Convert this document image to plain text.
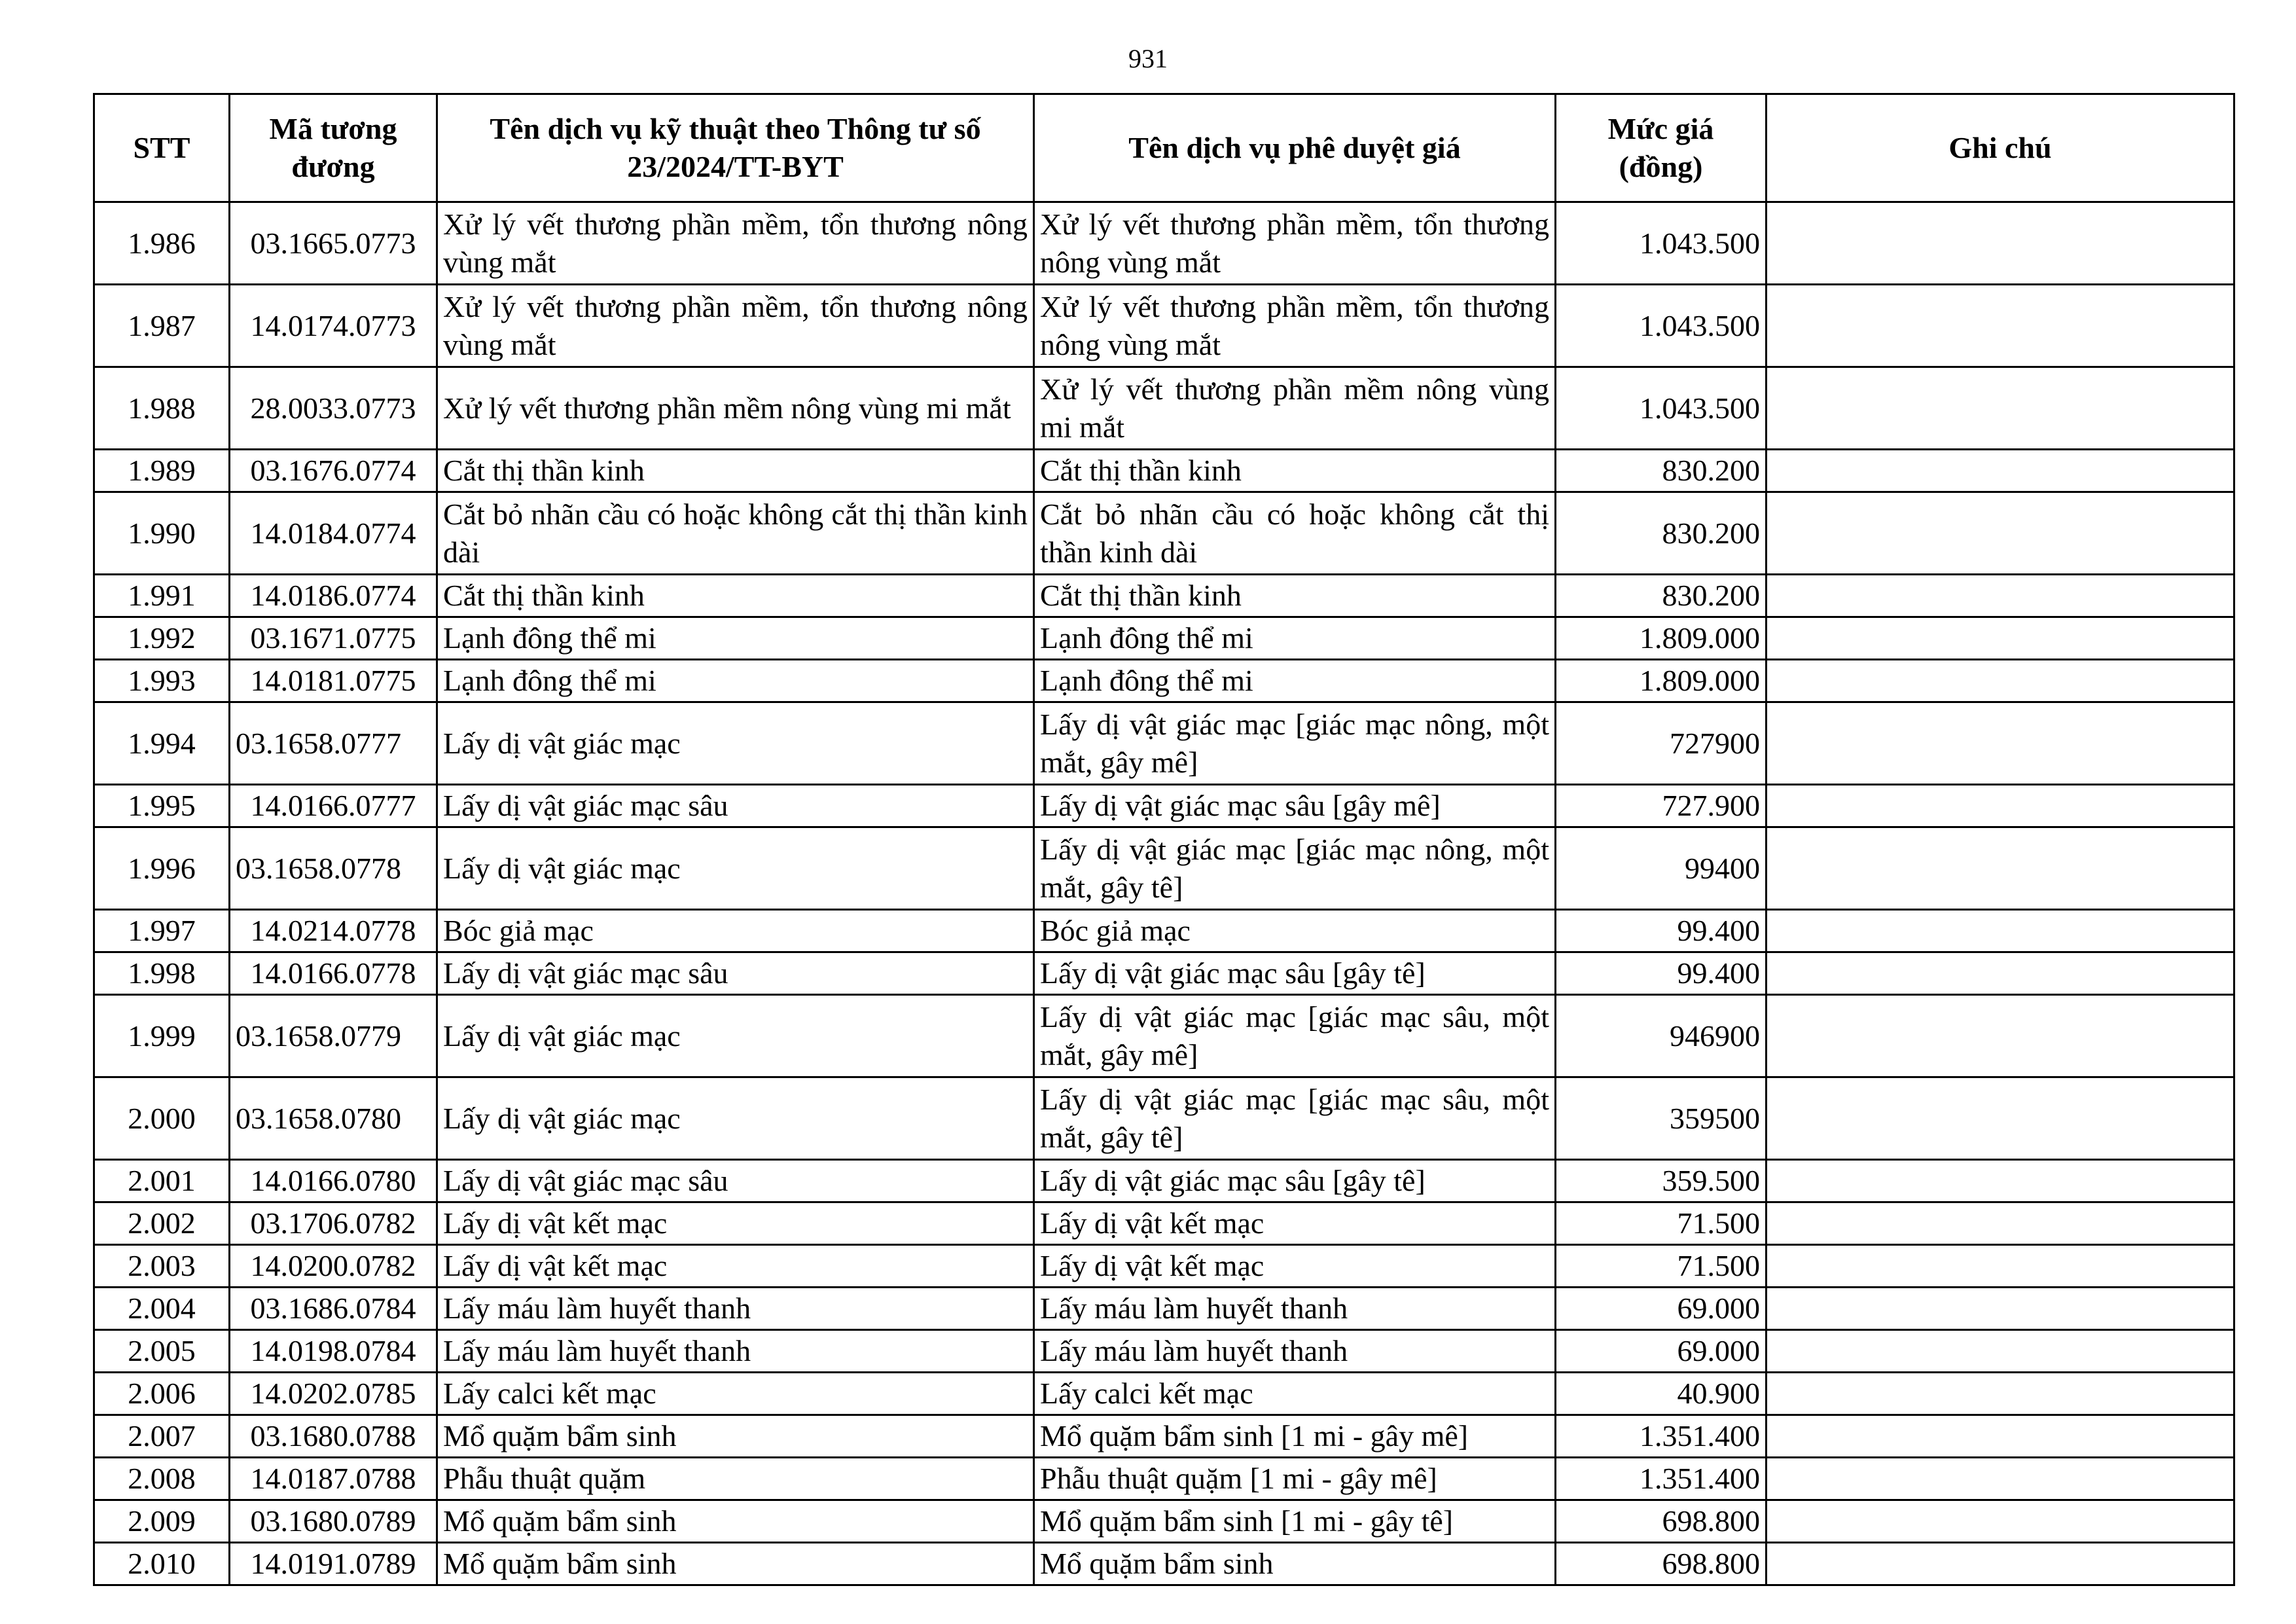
931
STT	Mã tương đương	Tên dịch vụ kỹ thuật theo Thông tư số 23/2024/TT-BYT	Tên dịch vụ phê duyệt giá	Mức giá (đồng)	Ghi chú
1.986	03.1665.0773	Xử lý vết thương phần mềm, tổn thương nông vùng mắt	Xử lý vết thương phần mềm, tổn thương nông vùng mắt	1.043.500	
1.987	14.0174.0773	Xử lý vết thương phần mềm, tổn thương nông vùng mắt	Xử lý vết thương phần mềm, tổn thương nông vùng mắt	1.043.500	
1.988	28.0033.0773	Xử lý vết thương phần mềm nông vùng mi mắt	Xử lý vết thương phần mềm nông vùng mi mắt	1.043.500	
1.989	03.1676.0774	Cắt thị thần kinh	Cắt thị thần kinh	830.200	
1.990	14.0184.0774	Cắt bỏ nhãn cầu có hoặc không cắt thị thần kinh dài	Cắt bỏ nhãn cầu có hoặc không cắt thị thần kinh dài	830.200	
1.991	14.0186.0774	Cắt thị thần kinh	Cắt thị thần kinh	830.200	
1.992	03.1671.0775	Lạnh đông thể mi	Lạnh đông thể mi	1.809.000	
1.993	14.0181.0775	Lạnh đông thể mi	Lạnh đông thể mi	1.809.000	
1.994	03.1658.0777	Lấy dị vật giác mạc	Lấy dị vật giác mạc [giác mạc nông, một mắt, gây mê]	727900	
1.995	14.0166.0777	Lấy dị vật giác mạc sâu	Lấy dị vật giác mạc sâu [gây mê]	727.900	
1.996	03.1658.0778	Lấy dị vật giác mạc	Lấy dị vật giác mạc [giác mạc nông, một mắt, gây tê]	99400	
1.997	14.0214.0778	Bóc giả mạc	Bóc giả mạc	99.400	
1.998	14.0166.0778	Lấy dị vật giác mạc sâu	Lấy dị vật giác mạc sâu [gây tê]	99.400	
1.999	03.1658.0779	Lấy dị vật giác mạc	Lấy dị vật giác mạc [giác mạc sâu, một mắt, gây mê]	946900	
2.000	03.1658.0780	Lấy dị vật giác mạc	Lấy dị vật giác mạc [giác mạc sâu, một mắt, gây tê]	359500	
2.001	14.0166.0780	Lấy dị vật giác mạc sâu	Lấy dị vật giác mạc sâu [gây tê]	359.500	
2.002	03.1706.0782	Lấy dị vật kết mạc	Lấy dị vật kết mạc	71.500	
2.003	14.0200.0782	Lấy dị vật kết mạc	Lấy dị vật kết mạc	71.500	
2.004	03.1686.0784	Lấy máu làm huyết thanh	Lấy máu làm huyết thanh	69.000	
2.005	14.0198.0784	Lấy máu làm huyết thanh	Lấy máu làm huyết thanh	69.000	
2.006	14.0202.0785	Lấy calci kết mạc	Lấy calci kết mạc	40.900	
2.007	03.1680.0788	Mổ quặm bẩm sinh	Mổ quặm bẩm sinh [1 mi - gây mê]	1.351.400	
2.008	14.0187.0788	Phẫu thuật quặm	Phẫu thuật quặm [1 mi - gây mê]	1.351.400	
2.009	03.1680.0789	Mổ quặm bẩm sinh	Mổ quặm bẩm sinh [1 mi - gây tê]	698.800	
2.010	14.0191.0789	Mổ quặm bẩm sinh	Mổ quặm bẩm sinh	698.800	
